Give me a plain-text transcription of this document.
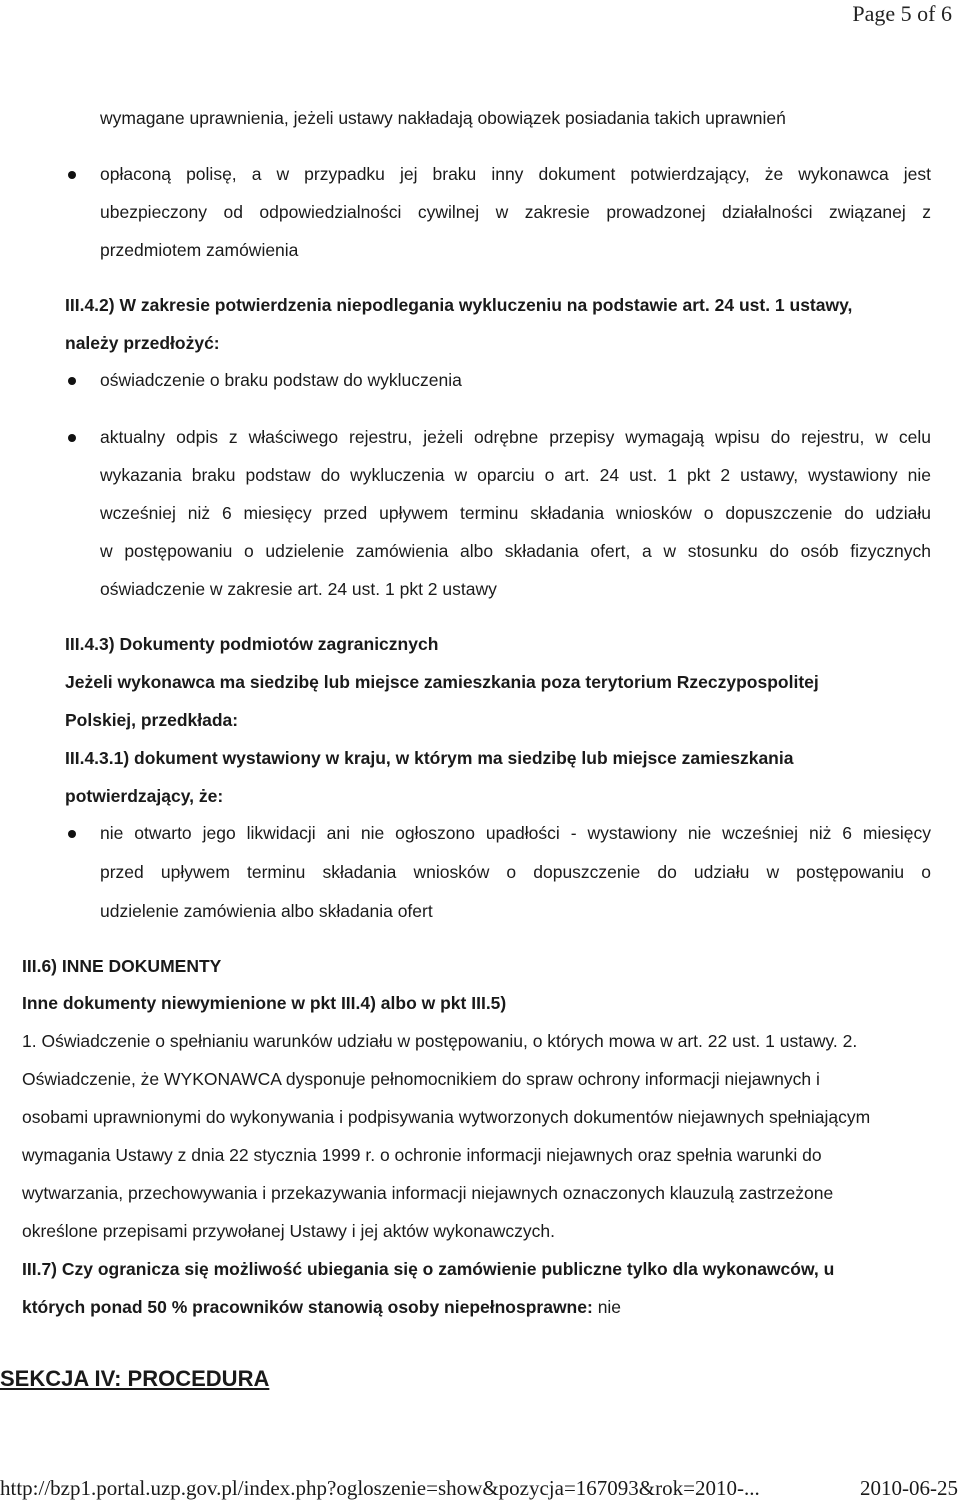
Page 5 of 6
wymagane uprawnienia, jeżeli ustawy nakładają obowiązek posiadania takich uprawnień
opłaconą polisę, a w przypadku jej braku inny dokument potwierdzający, że wykonawca jest
ubezpieczony od odpowiedzialności cywilnej w zakresie prowadzonej działalności związanej z
przedmiotem zamówienia
III.4.2) W zakresie potwierdzenia niepodlegania wykluczeniu na podstawie art. 24 ust. 1 ustawy,
należy przedłożyć:
oświadczenie o braku podstaw do wykluczenia
aktualny odpis z właściwego rejestru, jeżeli odrębne przepisy wymagają wpisu do rejestru, w celu
wykazania braku podstaw do wykluczenia w oparciu o art. 24 ust. 1 pkt 2 ustawy, wystawiony nie
wcześniej niż 6 miesięcy przed upływem terminu składania wniosków o dopuszczenie do udziału
w postępowaniu o udzielenie zamówienia albo składania ofert, a w stosunku do osób fizycznych
oświadczenie w zakresie art. 24 ust. 1 pkt 2 ustawy
III.4.3) Dokumenty podmiotów zagranicznych
Jeżeli wykonawca ma siedzibę lub miejsce zamieszkania poza terytorium Rzeczypospolitej
Polskiej, przedkłada:
III.4.3.1) dokument wystawiony w kraju, w którym ma siedzibę lub miejsce zamieszkania
potwierdzający, że:
nie otwarto jego likwidacji ani nie ogłoszono upadłości - wystawiony nie wcześniej niż 6 miesięcy
przed upływem terminu składania wniosków o dopuszczenie do udziału w postępowaniu o
udzielenie zamówienia albo składania ofert
III.6) INNE DOKUMENTY
Inne dokumenty niewymienione w pkt III.4) albo w pkt III.5)
1. Oświadczenie o spełnianiu warunków udziału w postępowaniu, o których mowa w art. 22 ust. 1 ustawy. 2.
Oświadczenie, że WYKONAWCA dysponuje pełnomocnikiem do spraw ochrony informacji niejawnych i
osobami uprawnionymi do wykonywania i podpisywania wytworzonych dokumentów niejawnych spełniającym
wymagania Ustawy z dnia 22 stycznia 1999 r. o ochronie informacji niejawnych oraz spełnia warunki do
wytwarzania, przechowywania i przekazywania informacji niejawnych oznaczonych klauzulą zastrzeżone
określone przepisami przywołanej Ustawy i jej aktów wykonawczych.
III.7) Czy ogranicza się możliwość ubiegania się o zamówienie publiczne tylko dla wykonawców, u
których ponad 50 % pracowników stanowią osoby niepełnosprawne: nie
SEKCJA IV: PROCEDURA
http://bzp1.portal.uzp.gov.pl/index.php?ogloszenie=show&pozycja=167093&rok=2010-...	2010-06-25
